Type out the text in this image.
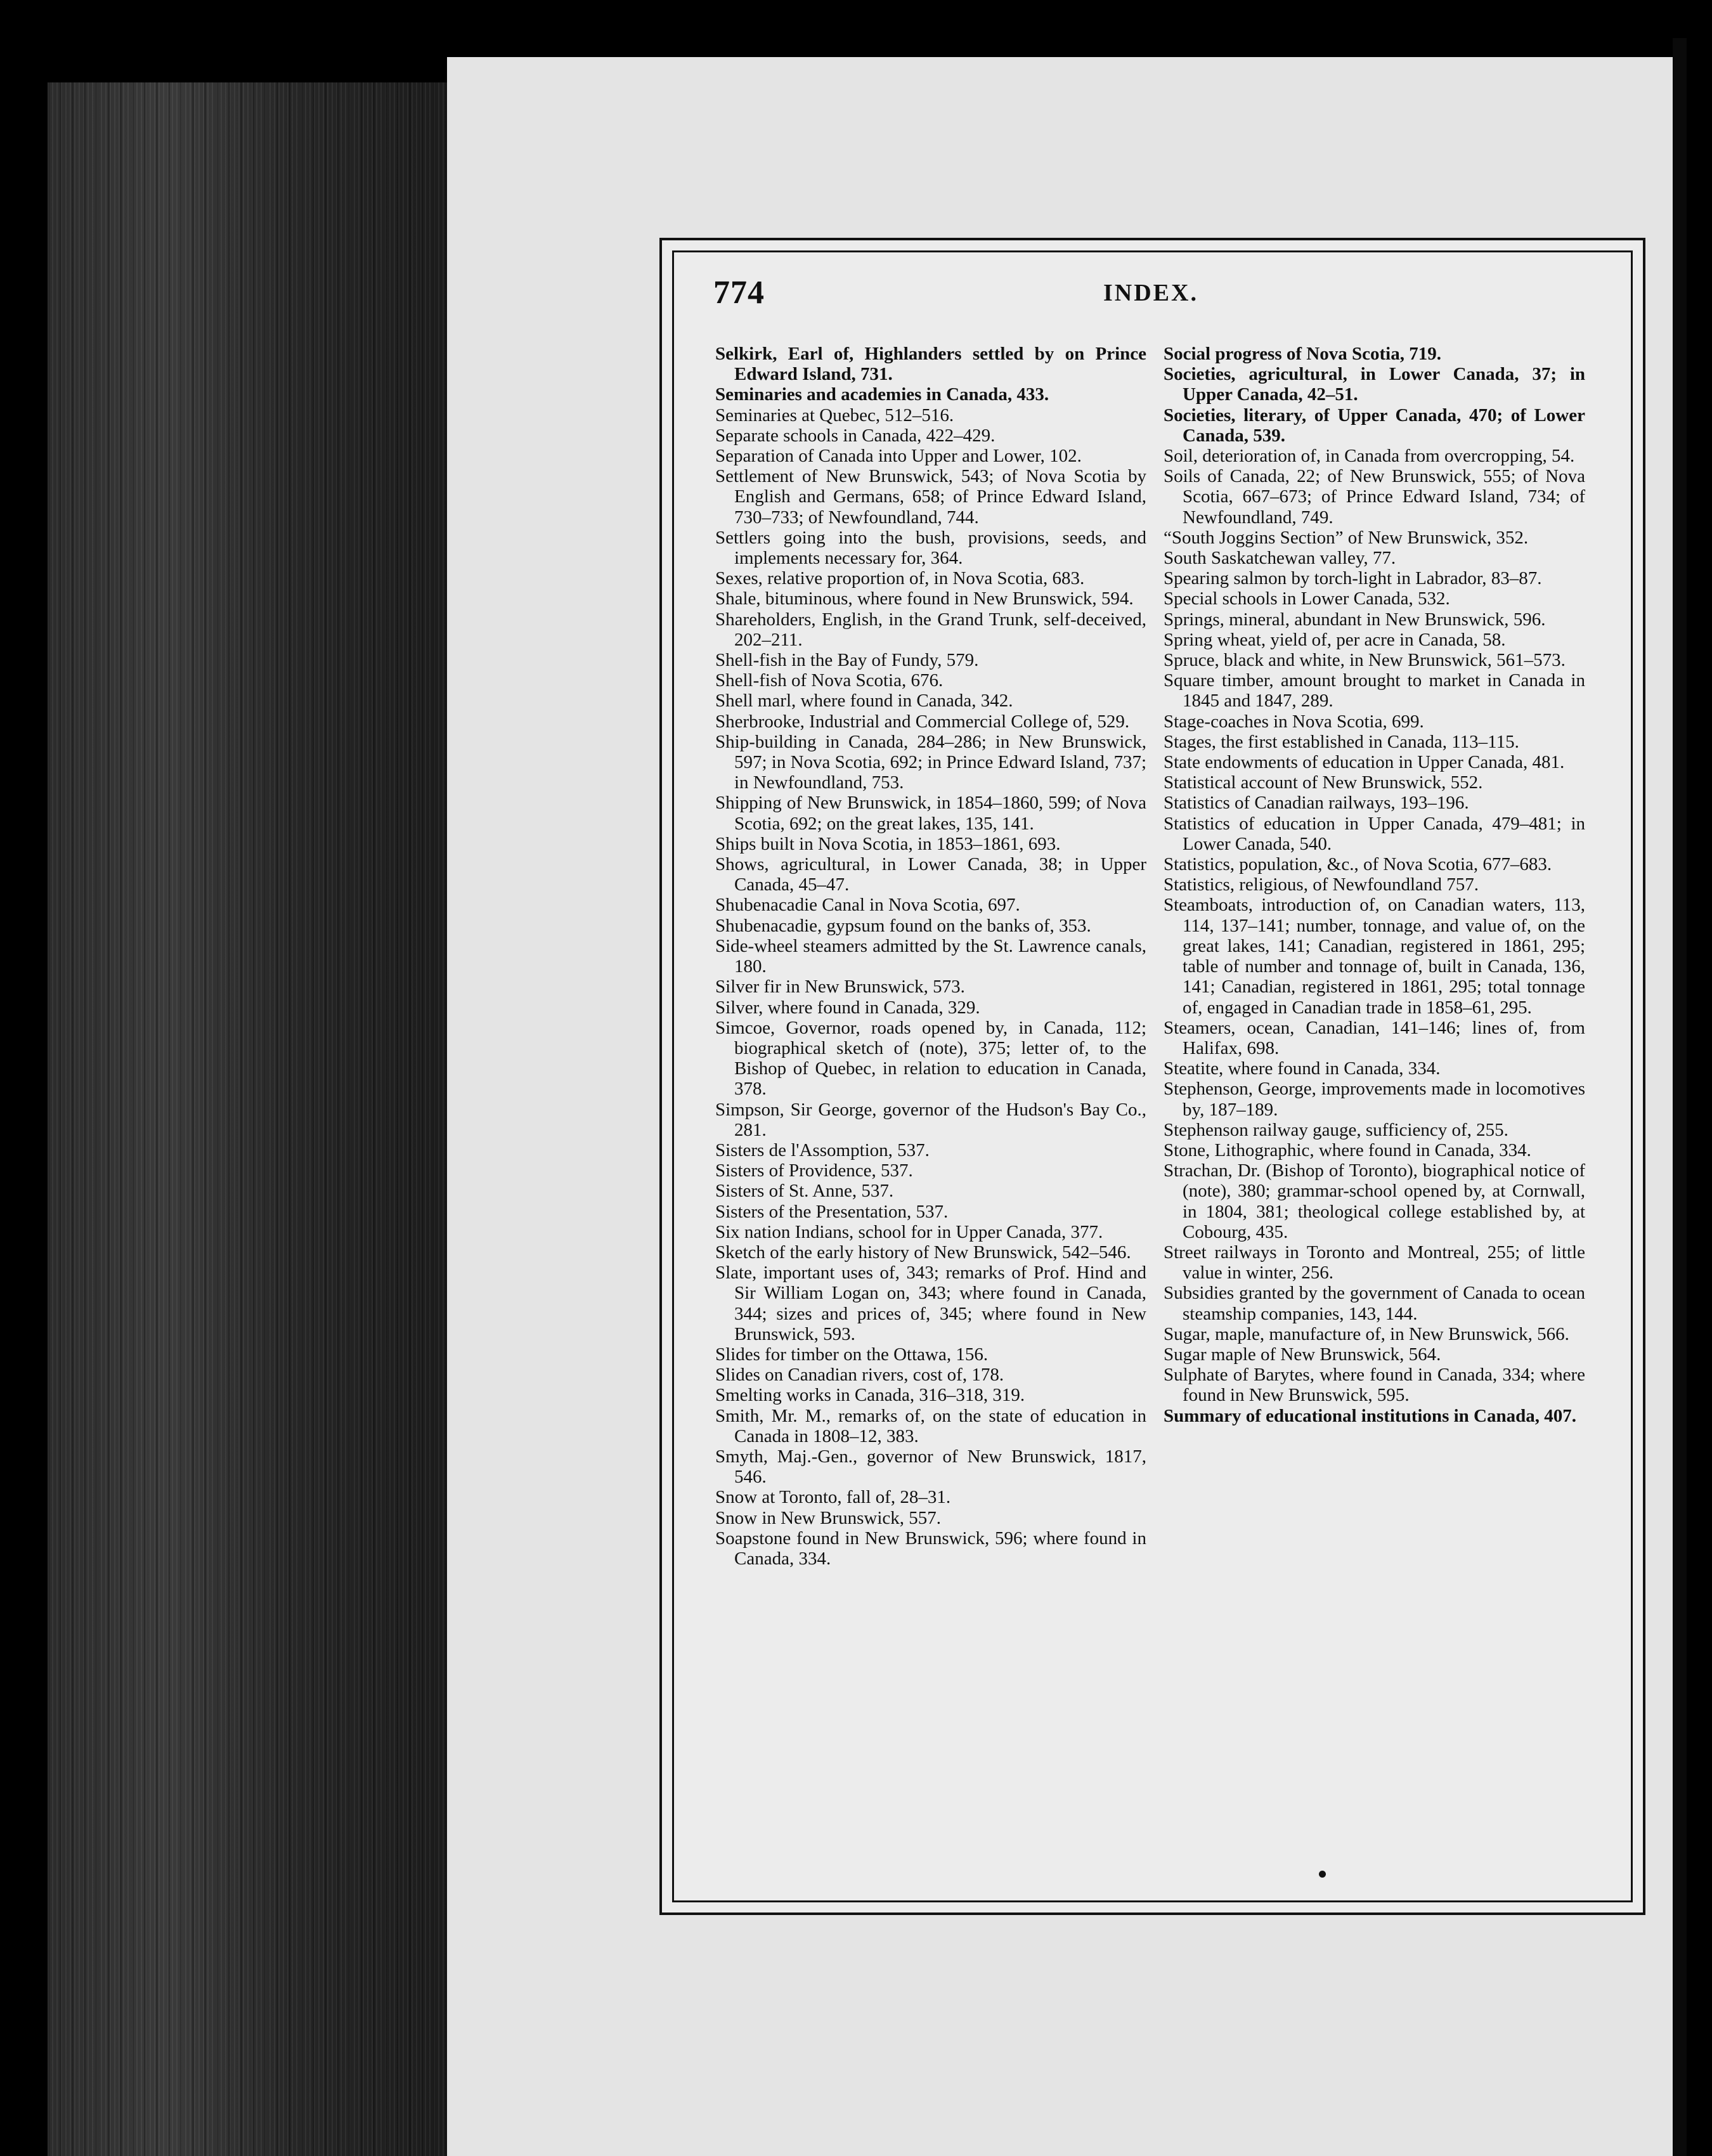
774	INDEX.

Selkirk, Earl of, Highlanders settled by on Prince Edward Island, 731.

Seminaries and academies in Canada, 433.

Seminaries at Quebec, 512–516.

Separate schools in Canada, 422–429.

Separation of Canada into Upper and Lower, 102.

Settlement of New Brunswick, 543; of Nova Scotia by English and Germans, 658; of Prince Edward Island, 730–733; of Newfoundland, 744.

Settlers going into the bush, provisions, seeds, and implements necessary for, 364.

Sexes, relative proportion of, in Nova Scotia, 683.

Shale, bituminous, where found in New Brunswick, 594.

Shareholders, English, in the Grand Trunk, self-deceived, 202–211.

Shell-fish in the Bay of Fundy, 579.

Shell-fish of Nova Scotia, 676.

Shell marl, where found in Canada, 342.

Sherbrooke, Industrial and Commercial College of, 529.

Ship-building in Canada, 284–286; in New Brunswick, 597; in Nova Scotia, 692; in Prince Edward Island, 737; in Newfoundland, 753.

Shipping of New Brunswick, in 1854–1860, 599; of Nova Scotia, 692; on the great lakes, 135, 141.

Ships built in Nova Scotia, in 1853–1861, 693.

Shows, agricultural, in Lower Canada, 38; in Upper Canada, 45–47.

Shubenacadie Canal in Nova Scotia, 697.

Shubenacadie, gypsum found on the banks of, 353.

Side-wheel steamers admitted by the St. Lawrence canals, 180.

Silver fir in New Brunswick, 573.

Silver, where found in Canada, 329.

Simcoe, Governor, roads opened by, in Canada, 112; biographical sketch of (note), 375; letter of, to the Bishop of Quebec, in relation to education in Canada, 378.

Simpson, Sir George, governor of the Hudson's Bay Co., 281.

Sisters de l'Assomption, 537.

Sisters of Providence, 537.

Sisters of St. Anne, 537.

Sisters of the Presentation, 537.

Six nation Indians, school for in Upper Canada, 377.

Sketch of the early history of New Brunswick, 542–546.

Slate, important uses of, 343; remarks of Prof. Hind and Sir William Logan on, 343; where found in Canada, 344; sizes and prices of, 345; where found in New Brunswick, 593.

Slides for timber on the Ottawa, 156.

Slides on Canadian rivers, cost of, 178.

Smelting works in Canada, 316–318, 319.

Smith, Mr. M., remarks of, on the state of education in Canada in 1808–12, 383.

Smyth, Maj.-Gen., governor of New Brunswick, 1817, 546.

Snow at Toronto, fall of, 28–31.

Snow in New Brunswick, 557.

Soapstone found in New Brunswick, 596; where found in Canada, 334.

Social progress of Nova Scotia, 719.

Societies, agricultural, in Lower Canada, 37; in Upper Canada, 42–51.

Societies, literary, of Upper Canada, 470; of Lower Canada, 539.

Soil, deterioration of, in Canada from overcropping, 54.

Soils of Canada, 22; of New Brunswick, 555; of Nova Scotia, 667–673; of Prince Edward Island, 734; of Newfoundland, 749.

“South Joggins Section” of New Brunswick, 352.

South Saskatchewan valley, 77.

Spearing salmon by torch-light in Labrador, 83–87.

Special schools in Lower Canada, 532.

Springs, mineral, abundant in New Brunswick, 596.

Spring wheat, yield of, per acre in Canada, 58.

Spruce, black and white, in New Brunswick, 561–573.

Square timber, amount brought to market in Canada in 1845 and 1847, 289.

Stage-coaches in Nova Scotia, 699.

Stages, the first established in Canada, 113–115.

State endowments of education in Upper Canada, 481.

Statistical account of New Brunswick, 552.

Statistics of Canadian railways, 193–196.

Statistics of education in Upper Canada, 479–481; in Lower Canada, 540.

Statistics, population, &c., of Nova Scotia, 677–683.

Statistics, religious, of Newfoundland 757.

Steamboats, introduction of, on Canadian waters, 113, 114, 137–141; number, tonnage, and value of, on the great lakes, 141; Canadian, registered in 1861, 295; table of number and tonnage of, built in Canada, 136, 141; Canadian, registered in 1861, 295; total tonnage of, engaged in Canadian trade in 1858–61, 295.

Steamers, ocean, Canadian, 141–146; lines of, from Halifax, 698.

Steatite, where found in Canada, 334.

Stephenson, George, improvements made in locomotives by, 187–189.

Stephenson railway gauge, sufficiency of, 255.

Stone, Lithographic, where found in Canada, 334.

Strachan, Dr. (Bishop of Toronto), biographical notice of (note), 380; grammar-school opened by, at Cornwall, in 1804, 381; theological college established by, at Cobourg, 435.

Street railways in Toronto and Montreal, 255; of little value in winter, 256.

Subsidies granted by the government of Canada to ocean steamship companies, 143, 144.

Sugar, maple, manufacture of, in New Brunswick, 566.

Sugar maple of New Brunswick, 564.

Sulphate of Barytes, where found in Canada, 334; where found in New Brunswick, 595.

Summary of educational institutions in Canada, 407.
